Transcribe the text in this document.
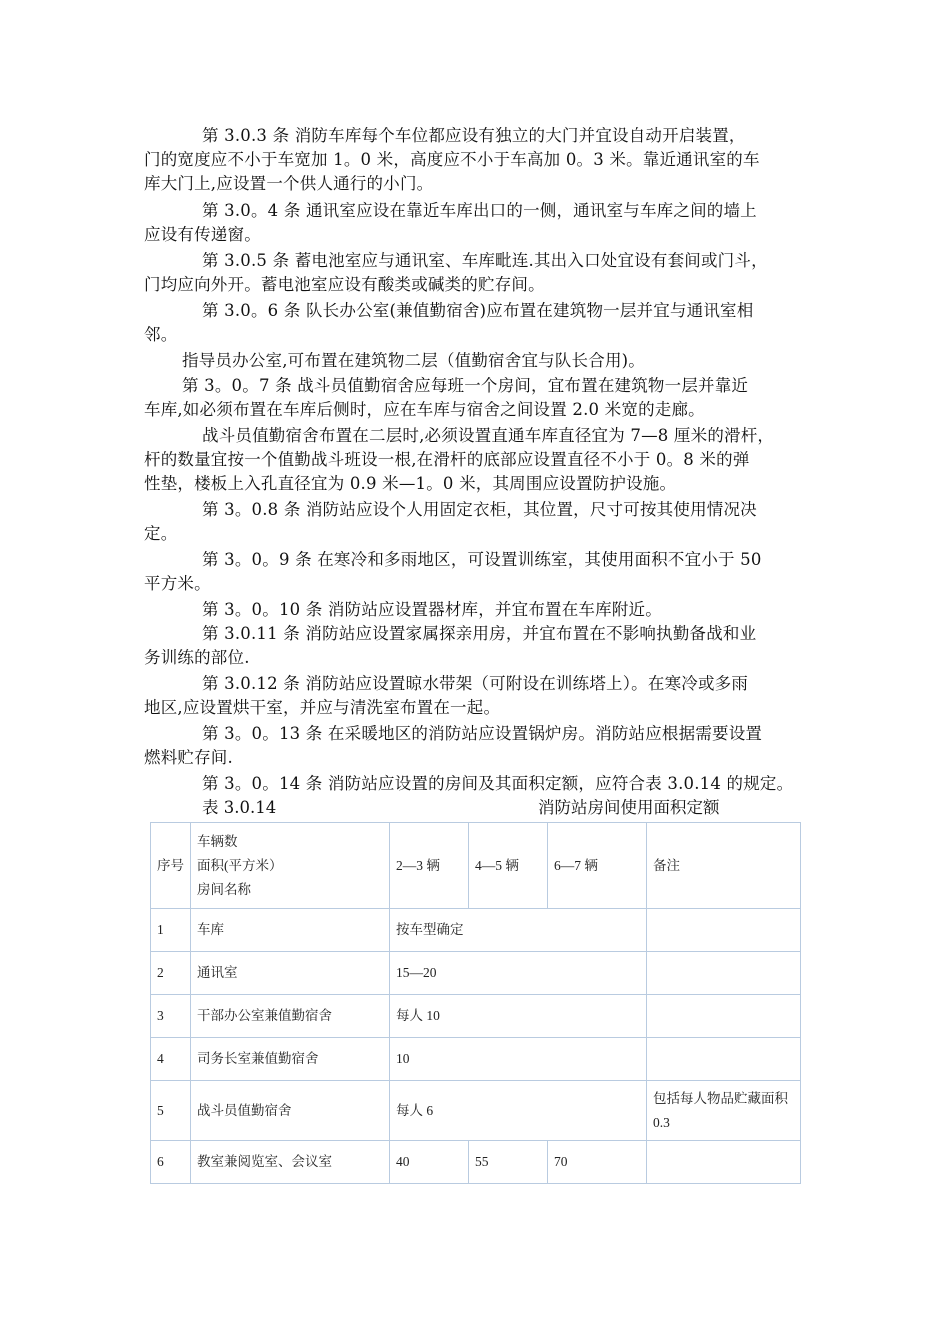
第 3.0.3 条 消防车库每个车位都应设有独立的大门并宜设自动开启装置，
门的宽度应不小于车宽加 1。0 米，高度应不小于车高加 0。3 米。靠近通讯室的车
库大门上,应设置一个供人通行的小门。
第 3.0。4 条 通讯室应设在靠近车库出口的一侧，通讯室与车库之间的墙上
应设有传递窗。
第 3.0.5 条 蓄电池室应与通讯室、车库毗连.其出入口处宜设有套间或门斗，
门均应向外开。蓄电池室应设有酸类或碱类的贮存间。
第 3.0。6 条 队长办公室(兼值勤宿舍)应布置在建筑物一层并宜与通讯室相
邻。
指导员办公室,可布置在建筑物二层（值勤宿舍宜与队长合用)。
第 3。0。7 条 战斗员值勤宿舍应每班一个房间，宜布置在建筑物一层并靠近
车库,如必须布置在车库后侧时，应在车库与宿舍之间设置 2.0 米宽的走廊。
战斗员值勤宿舍布置在二层时,必须设置直通车库直径宜为 7—8 厘米的滑杆，
杆的数量宜按一个值勤战斗班设一根,在滑杆的底部应设置直径不小于 0。8 米的弹
性垫，楼板上入孔直径宜为 0.9 米—1。0 米，其周围应设置防护设施。
第 3。0.8 条 消防站应设个人用固定衣柜，其位置，尺寸可按其使用情况决
定。
第 3。0。9 条 在寒冷和多雨地区，可设置训练室，其使用面积不宜小于 50
平方米。
第 3。0。10 条 消防站应设置器材库，并宜布置在车库附近。
第 3.0.11 条 消防站应设置家属探亲用房，并宜布置在不影响执勤备战和业
务训练的部位.
第 3.0.12 条 消防站应设置晾水带架（可附设在训练塔上）。在寒冷或多雨
地区,应设置烘干室，并应与清洗室布置在一起。
第 3。0。13 条 在采暖地区的消防站应设置锅炉房。消防站应根据需要设置
燃料贮存间.
第 3。0。14 条 消防站应设置的房间及其面积定额，应符合表 3.0.14 的规定。
表 3.0.14	消防站房间使用面积定额
序号	车辆数
面积(平方米）
房间名称	2—3 辆	4—5 辆	6—7 辆	备注
1	车库	按车型确定			
2	通讯室	15—20			
3	干部办公室兼值勤宿舍	每人 10			
4	司务长室兼值勤宿舍	10			
5	战斗员值勤宿舍	每人 6			包括每人物品贮藏面积 0.3
6	教室兼阅览室、会议室	40	55	70	
